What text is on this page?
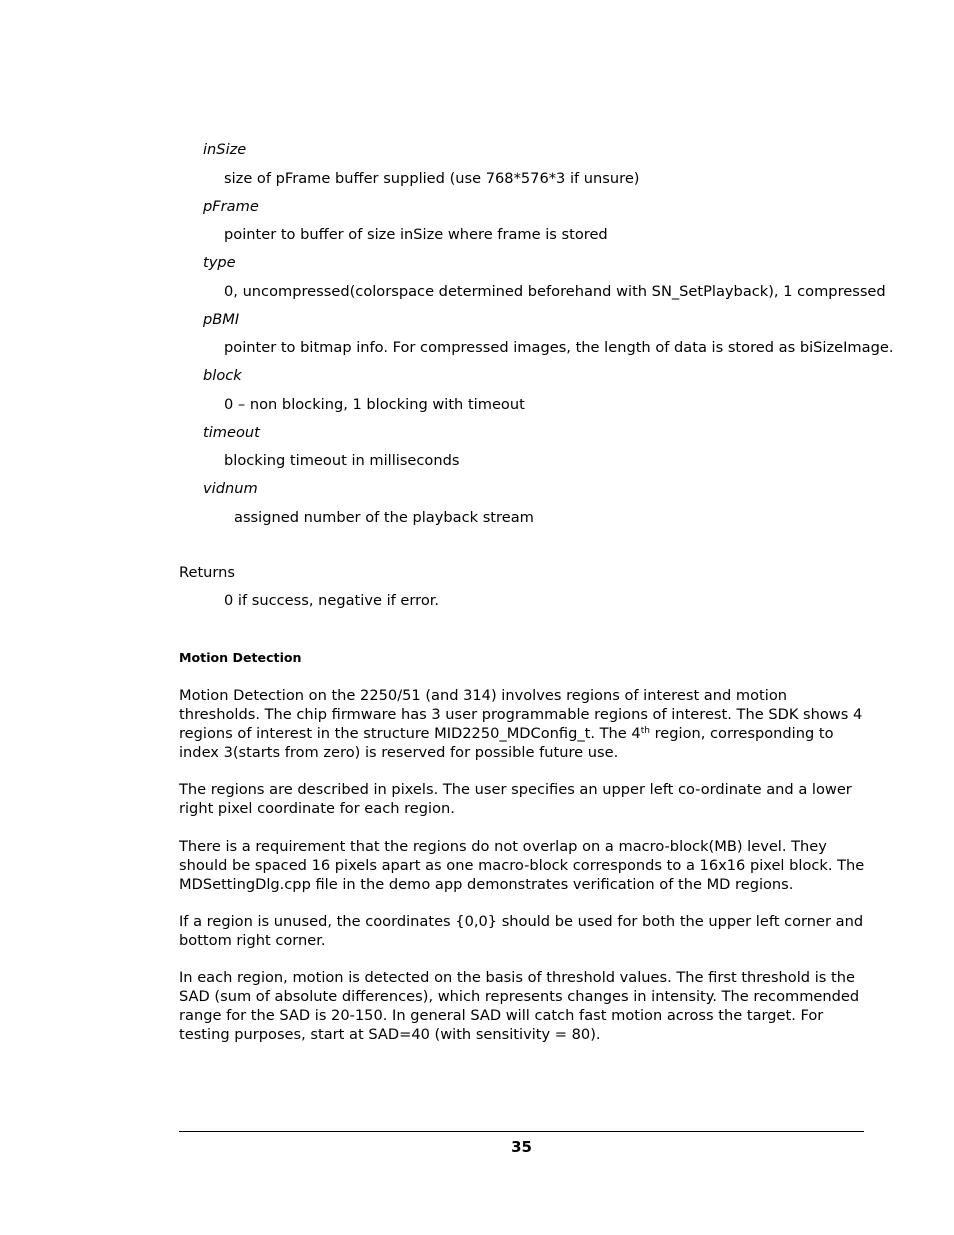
inSize
size of pFrame buffer supplied (use 768*576*3 if unsure)
pFrame
pointer to buffer of size inSize where frame is stored
type
0, uncompressed(colorspace determined beforehand with SN_SetPlayback), 1 compressed
pBMI
pointer to bitmap info. For compressed images, the length of data is stored as biSizeImage.
block
0 – non blocking, 1 blocking with timeout
timeout
blocking timeout in milliseconds
vidnum
assigned number of the playback stream
Returns
0 if success, negative if error.
Motion Detection
Motion Detection on the 2250/51 (and 314) involves regions of interest and motion thresholds. The chip firmware has 3 user programmable regions of interest. The SDK shows 4 regions of interest in the structure MID2250_MDConfig_t. The 4th region, corresponding to index 3(starts from zero) is reserved for possible future use.
The regions are described in pixels. The user specifies an upper left co-ordinate and a lower right pixel coordinate for each region.
There is a requirement that the regions do not overlap on a macro-block(MB) level. They should be spaced 16 pixels apart as one macro-block corresponds to a 16x16 pixel block. The MDSettingDlg.cpp file in the demo app demonstrates verification of the MD regions.
If a region is unused, the coordinates {0,0} should be used for both the upper left corner and bottom right corner.
In each region, motion is detected on the basis of threshold values. The first threshold is the SAD (sum of absolute differences), which represents changes in intensity. The recommended range for the SAD is 20-150. In general SAD will catch fast motion across the target. For testing purposes, start at SAD=40 (with sensitivity = 80).
35
